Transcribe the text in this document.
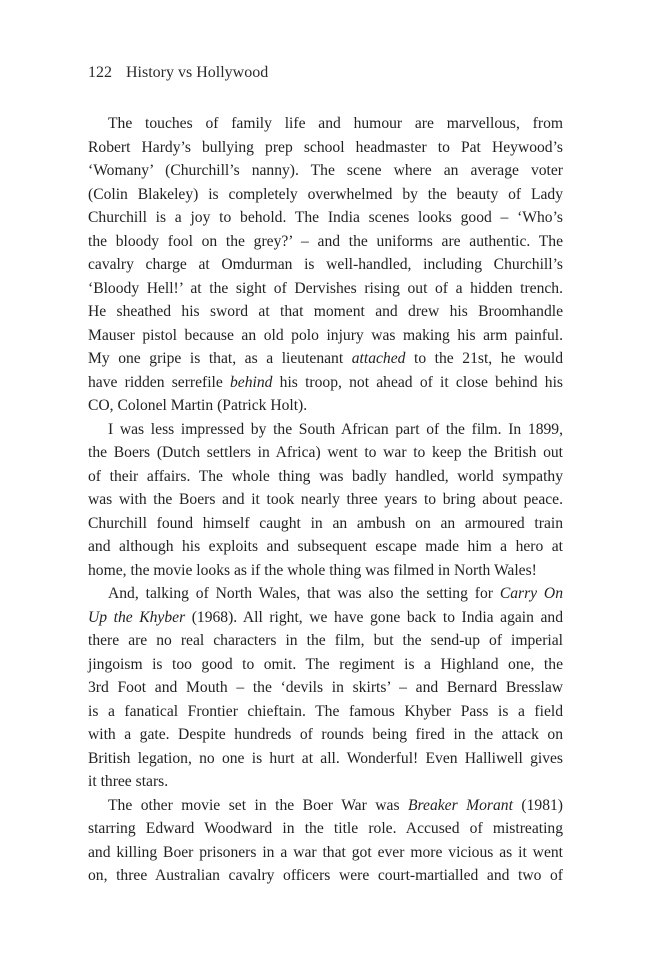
122 History vs Hollywood
The touches of family life and humour are marvellous, from
Robert Hardy’s bullying prep school headmaster to Pat Heywood’s
‘Womany’ (Churchill’s nanny). The scene where an average voter
(Colin Blakeley) is completely overwhelmed by the beauty of Lady
Churchill is a joy to behold. The India scenes looks good – ‘Who’s
the bloody fool on the grey?’ – and the uniforms are authentic. The
cavalry charge at Omdurman is well-handled, including Churchill’s
‘Bloody Hell!’ at the sight of Dervishes rising out of a hidden trench.
He sheathed his sword at that moment and drew his Broomhandle
Mauser pistol because an old polo injury was making his arm painful.
My one gripe is that, as a lieutenant attached to the 21st, he would
have ridden serrefile behind his troop, not ahead of it close behind his
CO, Colonel Martin (Patrick Holt).
I was less impressed by the South African part of the film. In 1899,
the Boers (Dutch settlers in Africa) went to war to keep the British out
of their affairs. The whole thing was badly handled, world sympathy
was with the Boers and it took nearly three years to bring about peace.
Churchill found himself caught in an ambush on an armoured train
and although his exploits and subsequent escape made him a hero at
home, the movie looks as if the whole thing was filmed in North Wales!
And, talking of North Wales, that was also the setting for Carry On
Up the Khyber (1968). All right, we have gone back to India again and
there are no real characters in the film, but the send-up of imperial
jingoism is too good to omit. The regiment is a Highland one, the
3rd Foot and Mouth – the ‘devils in skirts’ – and Bernard Bresslaw
is a fanatical Frontier chieftain. The famous Khyber Pass is a field
with a gate. Despite hundreds of rounds being fired in the attack on
British legation, no one is hurt at all. Wonderful! Even Halliwell gives
it three stars.
The other movie set in the Boer War was Breaker Morant (1981)
starring Edward Woodward in the title role. Accused of mistreating
and killing Boer prisoners in a war that got ever more vicious as it went
on, three Australian cavalry officers were court-martialled and two of
